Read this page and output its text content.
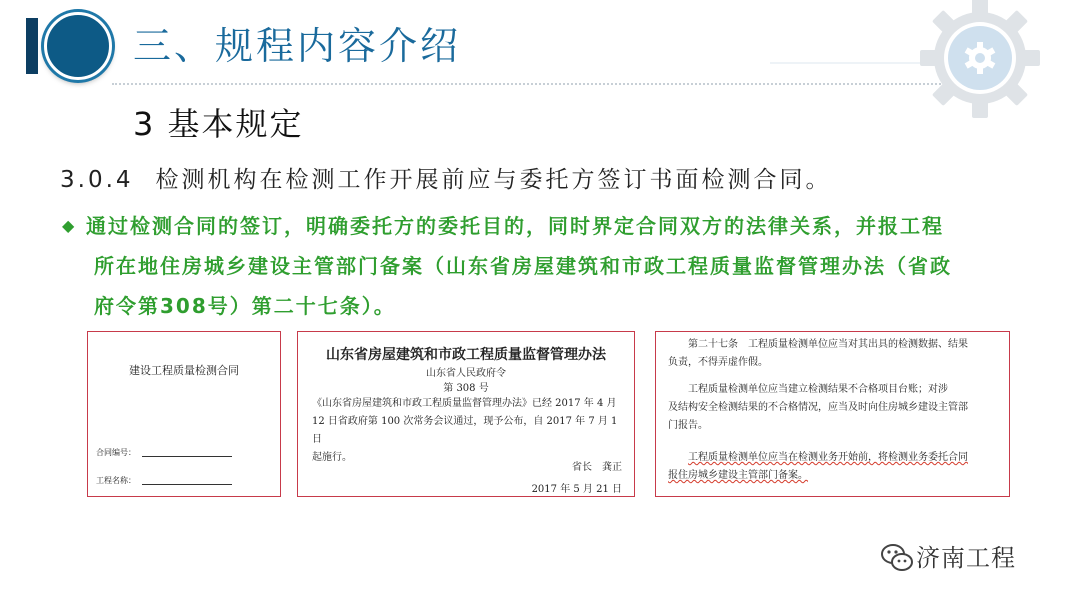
三、规程内容介绍
3 基本规定
3.0.4 检测机构在检测工作开展前应与委托方签订书面检测合同。
◆ 通过检测合同的签订，明确委托方的委托目的，同时界定合同双方的法律关系，并报工程
所在地住房城乡建设主管部门备案（山东省房屋建筑和市政工程质量监督管理办法（省政
府令第308号）第二十七条）。
建设工程质量检测合同
合同编号：
工程名称：
山东省房屋建筑和市政工程质量监督管理办法
山东省人民政府令
第 308 号
《山东省房屋建筑和市政工程质量监督管理办法》已经 2017 年 4 月
12 日省政府第 100 次常务会议通过，现予公布，自 2017 年 7 月 1 日
起施行。
省长　龚正
2017 年 5 月 21 日
第二十七条　工程质量检测单位应当对其出具的检测数据、结果
负责，不得弄虚作假。
工程质量检测单位应当建立检测结果不合格项目台账；对涉
及结构安全检测结果的不合格情况，应当及时向住房城乡建设主管部
门报告。
工程质量检测单位应当在检测业务开始前，将检测业务委托合同
报住房城乡建设主管部门备案。
济南工程
